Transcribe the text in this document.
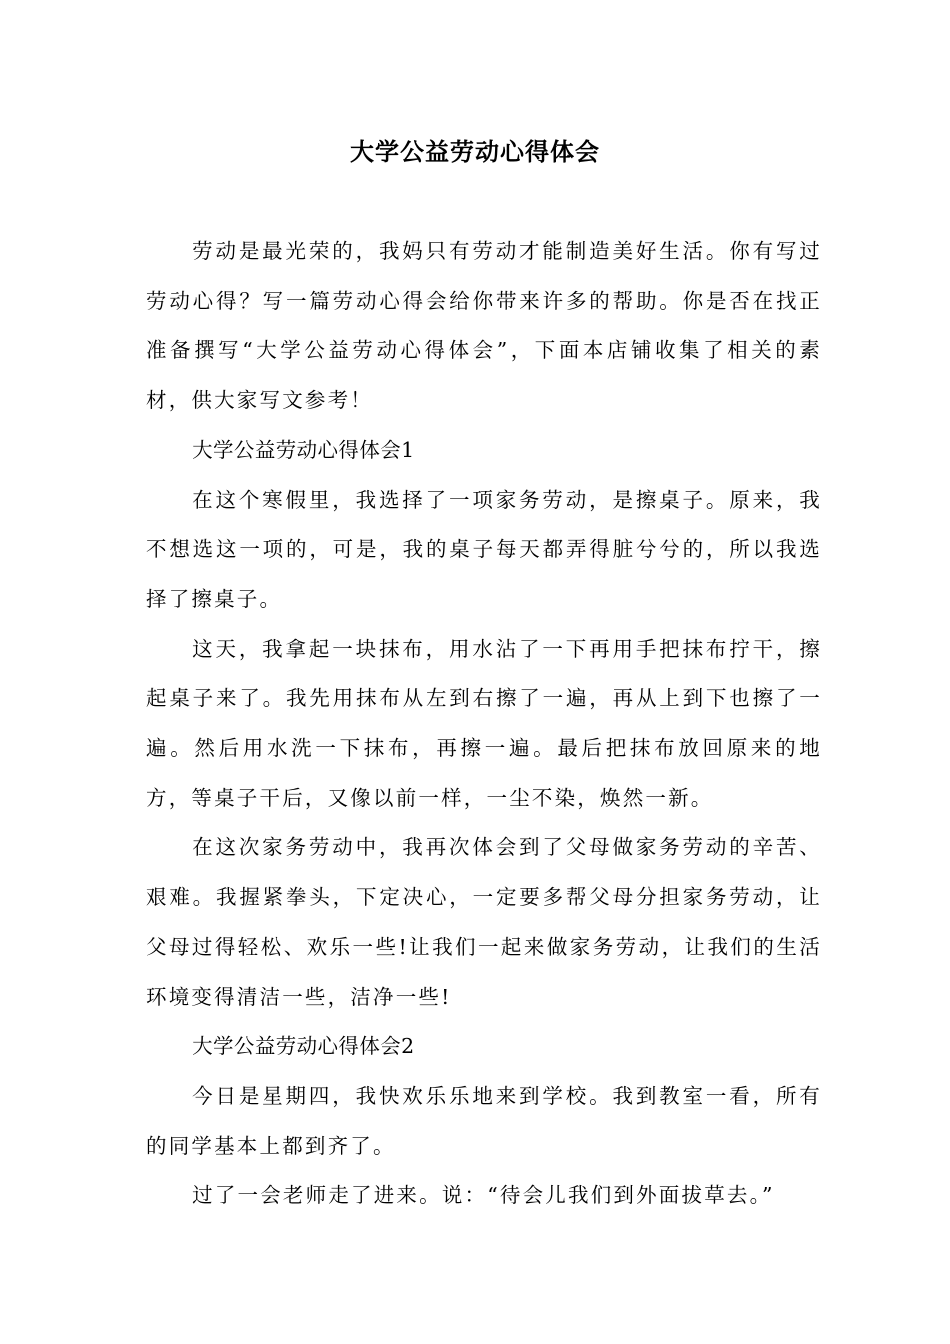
大学公益劳动心得体会

劳动是最光荣的，我妈只有劳动才能制造美好生活。你有写过劳动心得？写一篇劳动心得会给你带来许多的帮助。你是否在找正准备撰写“大学公益劳动心得体会”，下面本店铺收集了相关的素材，供大家写文参考！

大学公益劳动心得体会1

在这个寒假里，我选择了一项家务劳动，是擦桌子。原来，我不想选这一项的，可是，我的桌子每天都弄得脏兮兮的，所以我选择了擦桌子。

这天，我拿起一块抹布，用水沾了一下再用手把抹布拧干，擦起桌子来了。我先用抹布从左到右擦了一遍，再从上到下也擦了一遍。然后用水洗一下抹布，再擦一遍。最后把抹布放回原来的地方，等桌子干后，又像以前一样，一尘不染，焕然一新。

在这次家务劳动中，我再次体会到了父母做家务劳动的辛苦、艰难。我握紧拳头，下定决心，一定要多帮父母分担家务劳动，让父母过得轻松、欢乐一些!让我们一起来做家务劳动，让我们的生活环境变得清洁一些，洁净一些!

大学公益劳动心得体会2

今日是星期四，我快欢乐乐地来到学校。我到教室一看，所有的同学基本上都到齐了。

过了一会老师走了进来。说：“待会儿我们到外面拔草去。”
